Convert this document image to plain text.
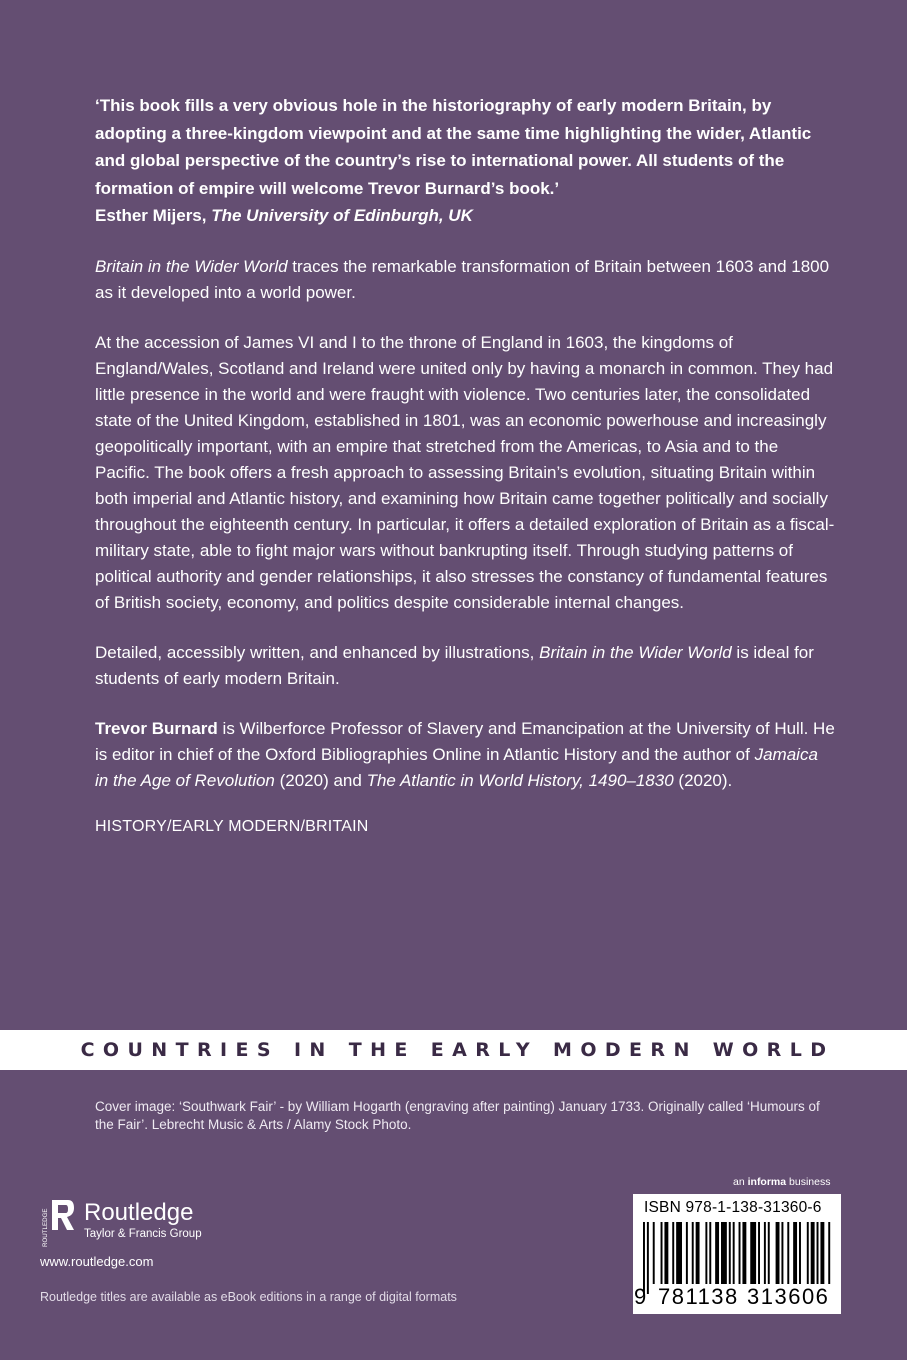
‘This book fills a very obvious hole in the historiography of early modern Britain, by adopting a three-kingdom viewpoint and at the same time highlighting the wider, Atlantic and global perspective of the country’s rise to international power. All students of the formation of empire will welcome Trevor Burnard’s book.’

Esther Mijers, The University of Edinburgh, UK

Britain in the Wider World traces the remarkable transformation of Britain between 1603 and 1800 as it developed into a world power.

At the accession of James VI and I to the throne of England in 1603, the kingdoms of England/Wales, Scotland and Ireland were united only by having a monarch in common. They had little presence in the world and were fraught with violence. Two centuries later, the consolidated state of the United Kingdom, established in 1801, was an economic powerhouse and increasingly geopolitically important, with an empire that stretched from the Americas, to Asia and to the Pacific. The book offers a fresh approach to assessing Britain’s evolution, situating Britain within both imperial and Atlantic history, and examining how Britain came together politically and socially throughout the eighteenth century. In particular, it offers a detailed exploration of Britain as a fiscal-military state, able to fight major wars without bankrupting itself. Through studying patterns of political authority and gender relationships, it also stresses the constancy of fundamental features of British society, economy, and politics despite considerable internal changes.

Detailed, accessibly written, and enhanced by illustrations, Britain in the Wider World is ideal for students of early modern Britain.

Trevor Burnard is Wilberforce Professor of Slavery and Emancipation at the University of Hull. He is editor in chief of the Oxford Bibliographies Online in Atlantic History and the author of Jamaica in the Age of Revolution (2020) and The Atlantic in World History, 1490–1830 (2020).

HISTORY/EARLY MODERN/BRITAIN
COUNTRIES IN THE EARLY MODERN WORLD
Cover image: ‘Southwark Fair’ - by William Hogarth (engraving after painting) January 1733. Originally called ‘Humours of the Fair’. Lebrecht Music & Arts / Alamy Stock Photo.
ROUTLEDGE Routledge
Taylor & Francis Group
www.routledge.com
Routledge titles are available as eBook editions in a range of digital formats
an informa business
ISBN 978-1-138-31360-6
9 781138 313606
